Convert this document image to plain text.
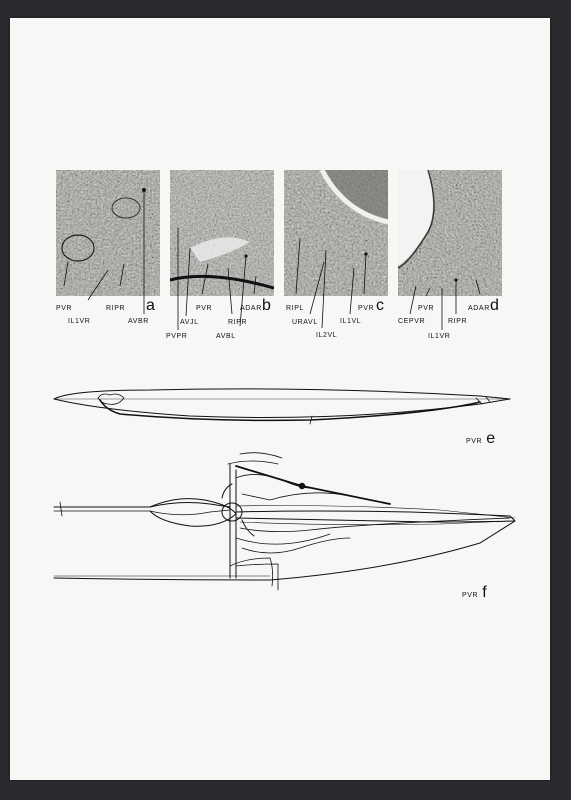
PVR
IL1VR
RIPR
AVBR
a
PVPR
AVJL
PVR
RIPR
AVBL
ADAR b RIPL
URAVL
IL2VL
IL1VL
PVR c
CEPVR
PVR
IL1VR
RIPR
ADAR d
PVR e
PVR f
